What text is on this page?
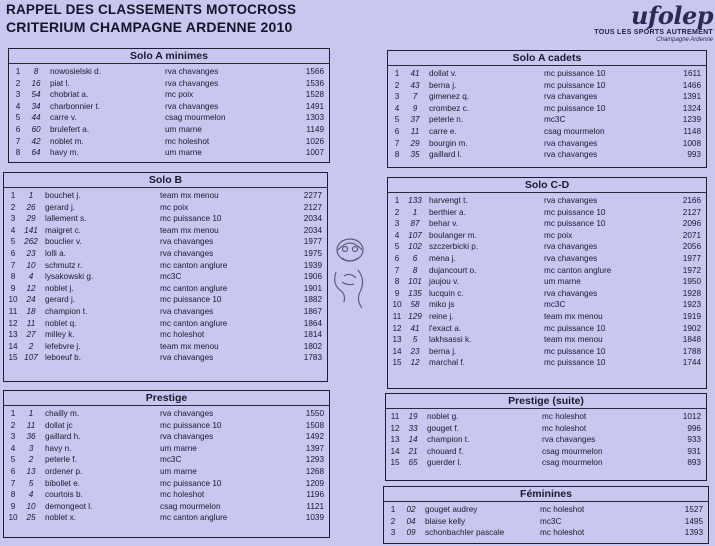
RAPPEL DES CLASSEMENTS MOTOCROSS
CRITERIUM CHAMPAGNE ARDENNE 2010	ufolep
TOUS LES SPORTS AUTREMENT
Champagne Ardenne
Solo A minimes
1	8	nowosielski d.	rva chavanges	1566
2	16	piat l.	rva chavanges	1536
3	54	chobriat a.	mc poix	1528
4	34	charbonnier t.	rva chavanges	1491
5	44	carre v.	csag mourmelon	1303
6	60	brulefert a.	um marne	1149
7	42	noblet m.	mc holeshot	1026
8	64	havy m.	um marne	1007
Solo A cadets
1	41	dollat v.	mc puissance 10	1611
2	43	berna j.	mc puissance 10	1466
3	7	gimenez q.	rva chavanges	1391
4	9	crombez c.	mc puissance 10	1324
5	37	peterle n.	mc3C	1239
6	11	carre e.	csag mourmelon	1148
7	29	bourgin m.	rva chavanges	1008
8	35	gaillard l.	rva chavanges	993
Solo B
1	1	bouchet j.	team mx menou	2277
2	26	gerard j.	mc poix	2127
3	29	lallement s.	mc puissance 10	2034
4	141 maigret c.	team mx menou	2034
5	262 bouclier v.	rva chavanges	1977
6	23	lolli a.	rva chavanges	1975
7	10	schmutz r.	mc canton anglure	1939
8	4	lysakowski g.	mc3C	1906
9	12	noblet j.	mc canton anglure	1901
10	24	gerard j.	mc puissance 10	1882
11	18	champion t.	rva chavanges	1867
12	11	noblet q.	mc canton anglure	1864
13	27	milley k.	mc holeshot	1814
14	2	lefebvre j.	team mx menou	1802
15 107 leboeuf b.	rva chavanges	1783
Solo C-D
1	133 harvengt t.	rva chavanges	2166
2	1	berthier a.	mc puissance 10	2127
3	87	behar v.	mc puissance 10	2096
4	107 boulanger m.	mc poix	2071
5	102 szczerbicki p.	rva chavanges	2056
6	6	mena j.	rva chavanges	1977
7	8	dujancourt o.	mc canton anglure	1972
8	101 jaujou v.	um marne	1950
9	135 lucquin c.	rva chavanges	1928
10	58	miko js	mc3C	1923
11 129 reine j.	team mx menou	1919
12	41	l'exact a.	mc puissance 10	1902
13	5	lakhsassi k.	team mx menou	1848
14	23	berna j.	mc puissance 10	1788
15	12	marchal f.	mc puissance 10	1744
Prestige
1	1	chailly m.	rva chavanges	1550
2	11	dollat jc	mc puissance 10	1508
3	36	gaillard h.	rva chavanges	1492
4	3	havy n.	um marne	1397
5	2	peterle f.	mc3C	1293
6	13	ordener p.	um marne	1268
7	5	bibollet e.	mc puissance 10	1209
8	4	courtois b.	mc holeshot	1196
9	10	demongeot l.	csag mourmelon	1121
10	25	noblet x.	mc canton anglure	1039
Prestige (suite)
11	19	noblet g.	mc holeshot	1012
12	33	gouget f.	mc holeshot	996
13	14	champion t.	rva chavanges	933
14	21	chouard f.	csag mourmelon	931
15	65	guerder l.	csag mourmelon	893
Féminines
1	02	gouget audrey	mc holeshot	1527
2	04	blaise kelly	mc3C	1495
3	09	schonbachler pascale	mc holeshot	1393
